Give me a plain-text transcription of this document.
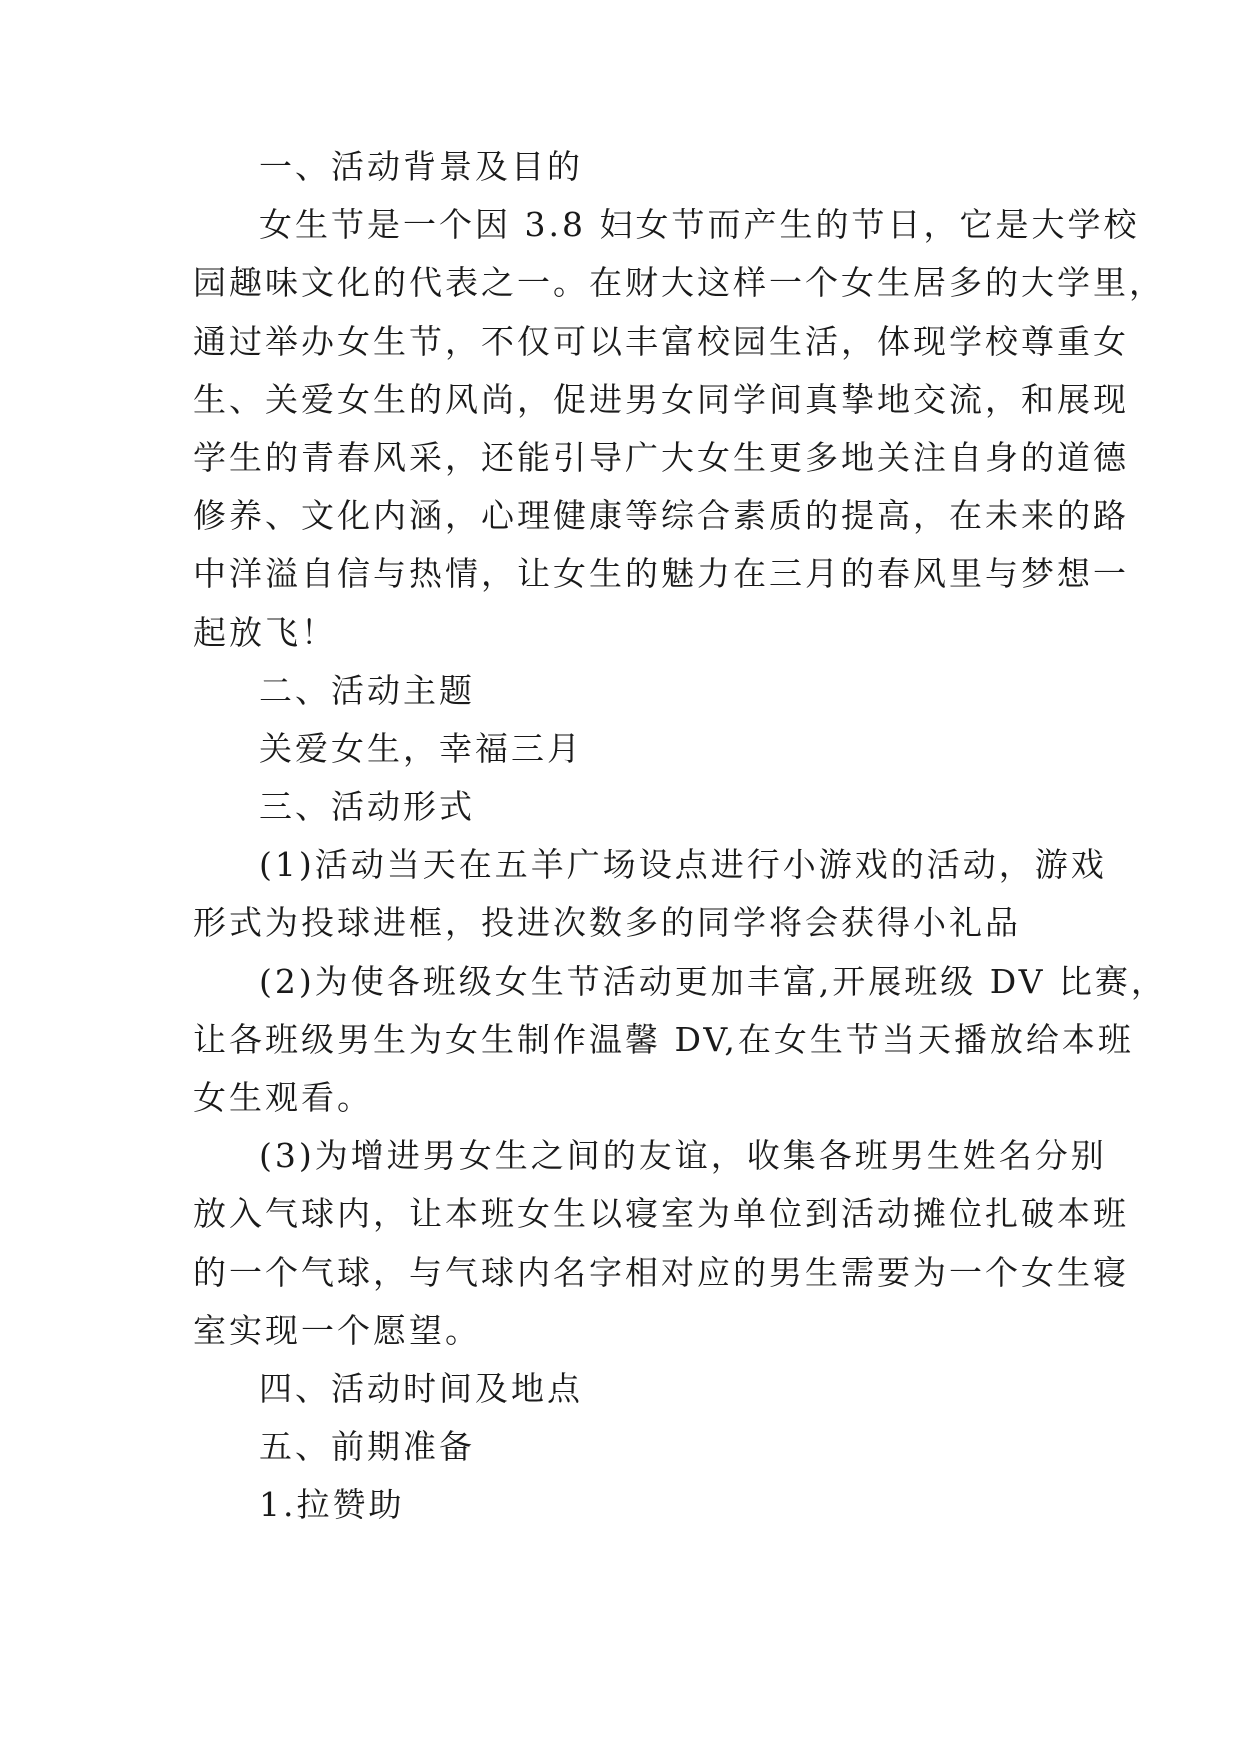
一、活动背景及目的
女生节是一个因 3.8 妇女节而产生的节日，它是大学校
园趣味文化的代表之一。在财大这样一个女生居多的大学里，
通过举办女生节，不仅可以丰富校园生活，体现学校尊重女
生、关爱女生的风尚，促进男女同学间真挚地交流，和展现
学生的青春风采，还能引导广大女生更多地关注自身的道德
修养、文化内涵，心理健康等综合素质的提高，在未来的路
中洋溢自信与热情，让女生的魅力在三月的春风里与梦想一
起放飞！
二、活动主题
关爱女生，幸福三月
三、活动形式
(1)活动当天在五羊广场设点进行小游戏的活动，游戏
形式为投球进框，投进次数多的同学将会获得小礼品
(2)为使各班级女生节活动更加丰富,开展班级 DV 比赛，
让各班级男生为女生制作温馨 DV,在女生节当天播放给本班
女生观看。
(3)为增进男女生之间的友谊，收集各班男生姓名分别
放入气球内，让本班女生以寝室为单位到活动摊位扎破本班
的一个气球，与气球内名字相对应的男生需要为一个女生寝
室实现一个愿望。
四、活动时间及地点
五、前期准备
1.拉赞助
